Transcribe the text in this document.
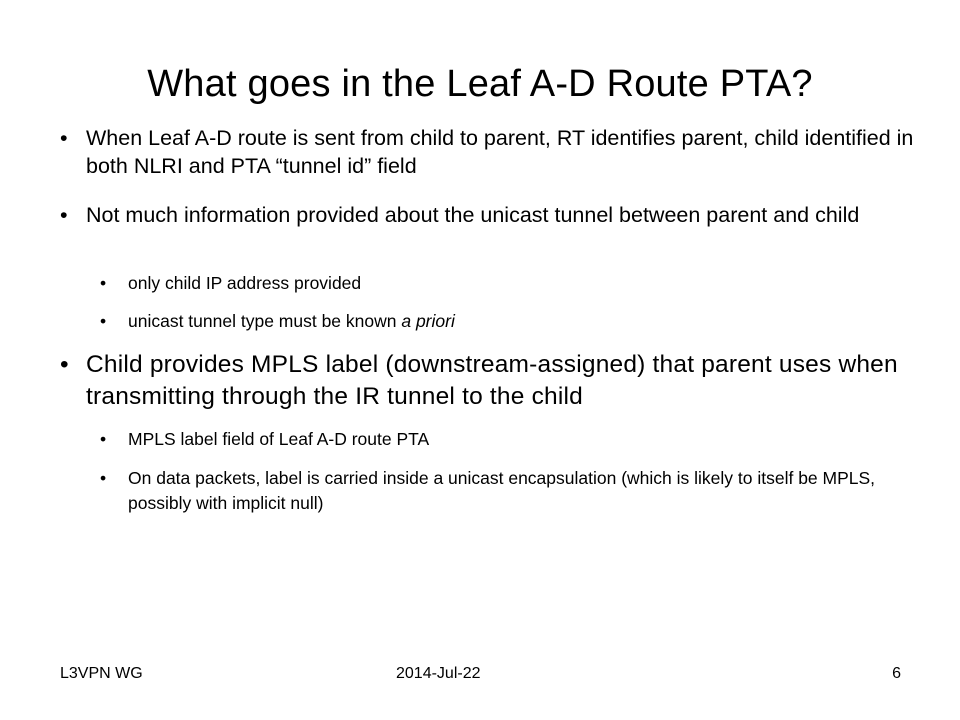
What goes in the Leaf A-D Route PTA?
• When Leaf A-D route is sent from child to parent, RT identifies parent, child identified in both NLRI and PTA “tunnel id” field
• Not much information provided about the unicast tunnel between parent and child
•	only child IP address provided
•	unicast tunnel type must be known a priori
• Child provides MPLS label (downstream-assigned) that parent uses when transmitting through the IR tunnel to the child
•	MPLS label field of Leaf A-D route PTA
•	On data packets, label is carried inside a unicast encapsulation (which is likely to itself be MPLS, possibly with implicit null)
L3VPN WG	2014-Jul-22	6
